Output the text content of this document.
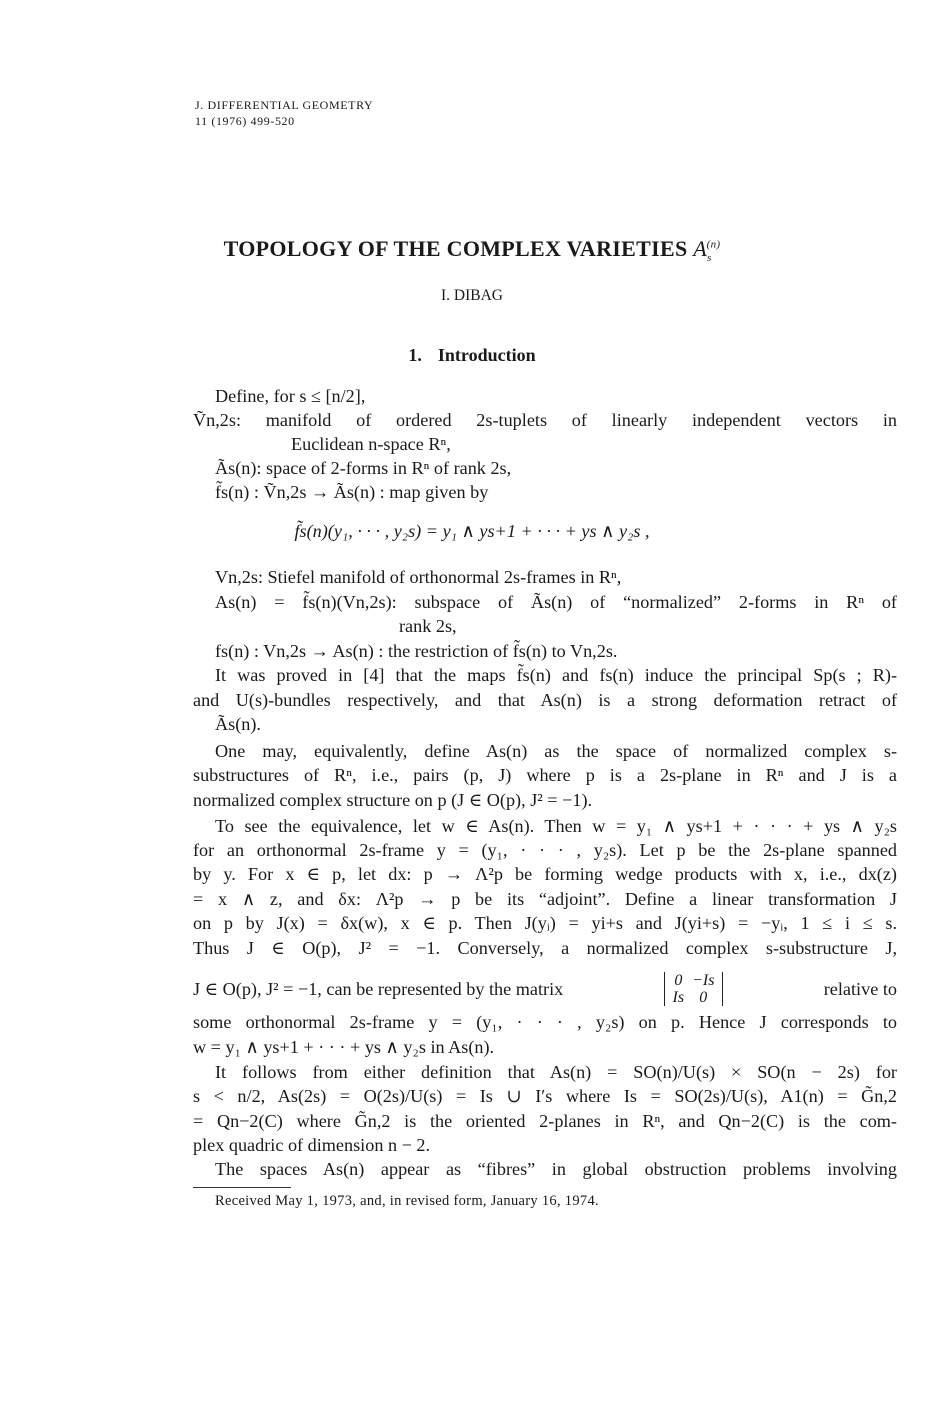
J. DIFFERENTIAL GEOMETRY
11 (1976) 499-520
TOPOLOGY OF THE COMPLEX VARIETIES $A_s^{(n)}$
I. DIBAG
1. Introduction
Define, for s ≤ [n/2],
Ṽn,2s: manifold of ordered 2s-tuplets of linearly independent vectors in
Euclidean n-space Rⁿ,
Ãs(n): space of 2-forms in Rⁿ of rank 2s,
f̃s(n) : Ṽn,2s → Ãs(n) : map given by
f̃s(n)(y₁, · · · , y₂s) = y₁ ∧ ys+1 + · · · + ys ∧ y₂s ,
Vn,2s: Stiefel manifold of orthonormal 2s-frames in Rⁿ,
As(n) = f̃s(n)(Vn,2s): subspace of Ãs(n) of “normalized” 2-forms in Rⁿ of
rank 2s,
fs(n) : Vn,2s → As(n) : the restriction of f̃s(n) to Vn,2s.
It was proved in [4] that the maps f̃s(n) and fs(n) induce the principal Sp(s ; R)-
and U(s)-bundles respectively, and that As(n) is a strong deformation retract of
Ãs(n).
One may, equivalently, define As(n) as the space of normalized complex s-
substructures of Rⁿ, i.e., pairs (p, J) where p is a 2s-plane in Rⁿ and J is a
normalized complex structure on p (J ∈ O(p), J² = −1).
To see the equivalence, let w ∈ As(n). Then w = y₁ ∧ ys+1 + · · · + ys ∧ y₂s
for an orthonormal 2s-frame y = (y₁, · · · , y₂s). Let p be the 2s-plane spanned
by y. For x ∈ p, let dx: p → Λ²p be forming wedge products with x, i.e., dx(z)
= x ∧ z, and δx: Λ²p → p be its “adjoint”. Define a linear transformation J
on p by J(x) = δx(w), x ∈ p. Then J(yᵢ) = yi+s and J(yi+s) = −yᵢ, 1 ≤ i ≤ s.
Thus J ∈ O(p), J² = −1. Conversely, a normalized complex s-substructure J,
J ∈ O(p), J² = −1, can be represented by the matrix	0	−Is
Is	0	relative to
some orthonormal 2s-frame y = (y₁, · · · , y₂s) on p. Hence J corresponds to
w = y₁ ∧ ys+1 + · · · + ys ∧ y₂s in As(n).
It follows from either definition that As(n) = SO(n)/U(s) × SO(n − 2s) for
s < n/2, As(2s) = O(2s)/U(s) = Is ∪ I′s where Is = SO(2s)/U(s), A1(n) = G̃n,2
= Qn−2(C) where G̃n,2 is the oriented 2-planes in Rⁿ, and Qn−2(C) is the com-
plex quadric of dimension n − 2.
The spaces As(n) appear as “fibres” in global obstruction problems involving
Received May 1, 1973, and, in revised form, January 16, 1974.
